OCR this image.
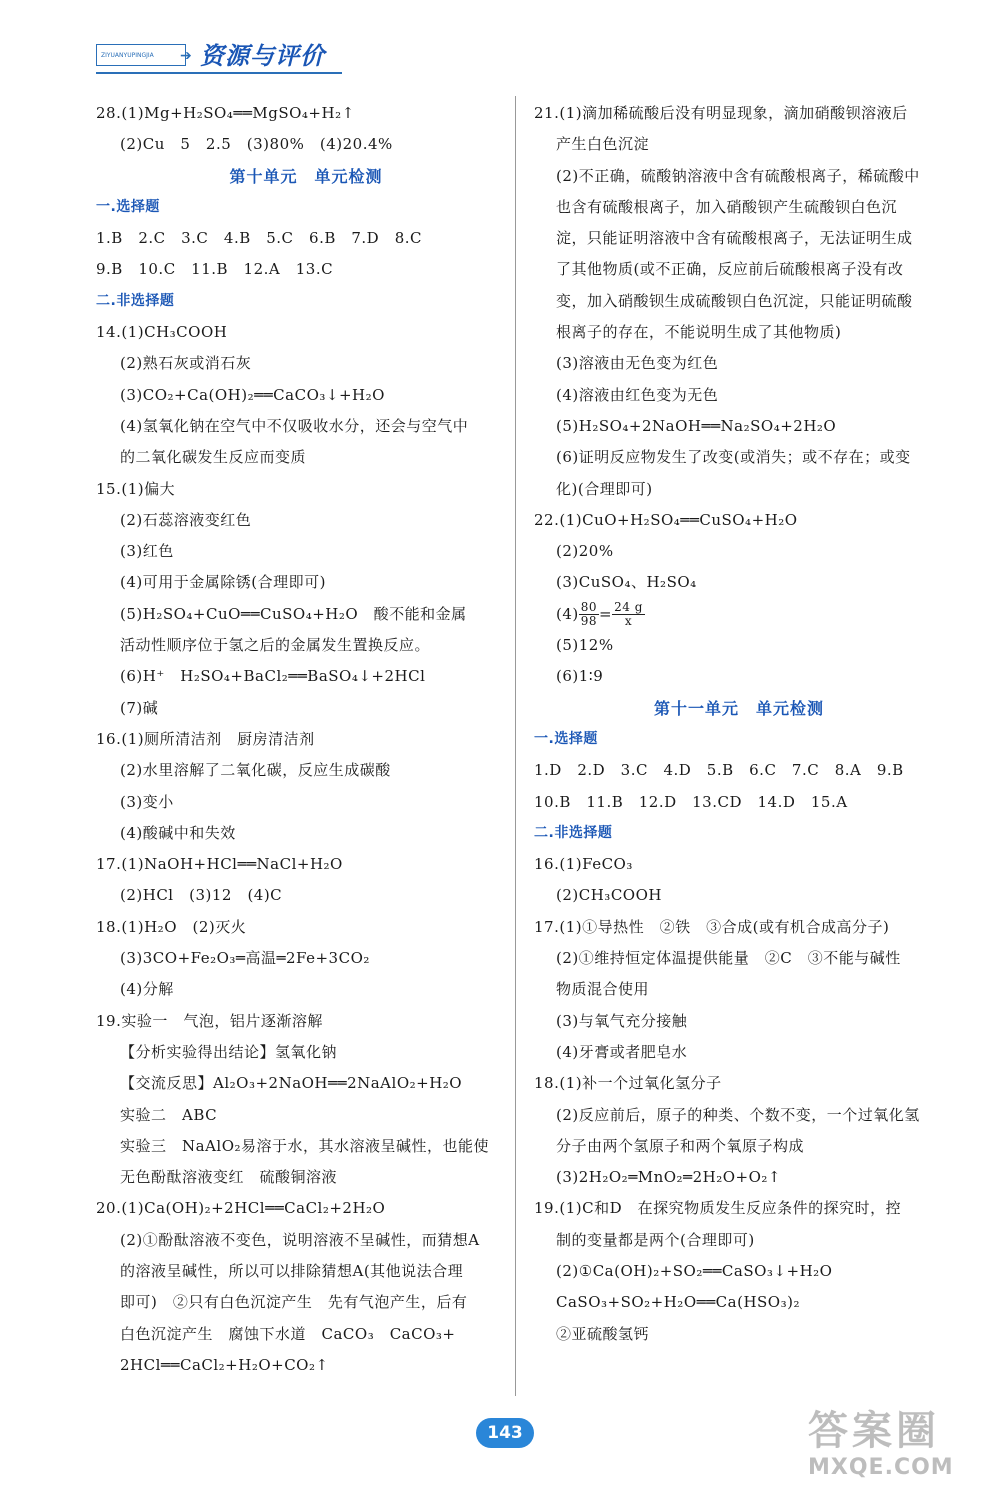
ZIYUANYUPINGJIA	➔ 资源与评价
28.(1)Mg+H₂SO₄══MgSO₄+H₂↑
(2)Cu　5　2.5　(3)80%　(4)20.4%
第十单元　单元检测
一.选择题
1.B　2.C　3.C　4.B　5.C　6.B　7.D　8.C
9.B　10.C　11.B　12.A　13.C
二.非选择题
14.(1)CH₃COOH
(2)熟石灰或消石灰
(3)CO₂+Ca(OH)₂══CaCO₃↓+H₂O
(4)氢氧化钠在空气中不仅吸收水分，还会与空气中
的二氧化碳发生反应而变质
15.(1)偏大
(2)石蕊溶液变红色
(3)红色
(4)可用于金属除锈(合理即可)
(5)H₂SO₄+CuO══CuSO₄+H₂O　酸不能和金属
活动性顺序位于氢之后的金属发生置换反应。
(6)H⁺　H₂SO₄+BaCl₂══BaSO₄↓+2HCl
(7)碱
16.(1)厕所清洁剂　厨房清洁剂
(2)水里溶解了二氧化碳，反应生成碳酸
(3)变小
(4)酸碱中和失效
17.(1)NaOH+HCl══NaCl+H₂O
(2)HCl　(3)12　(4)C
18.(1)H₂O　(2)灭火
(3)3CO+Fe₂O₃═高温═2Fe+3CO₂
(4)分解
19.实验一　气泡，铝片逐渐溶解
【分析实验得出结论】氢氧化钠
【交流反思】Al₂O₃+2NaOH══2NaAlO₂+H₂O
实验二　ABC
实验三　NaAlO₂易溶于水，其水溶液呈碱性，也能使
无色酚酞溶液变红　硫酸铜溶液
20.(1)Ca(OH)₂+2HCl══CaCl₂+2H₂O
(2)①酚酞溶液不变色，说明溶液不呈碱性，而猜想A
的溶液呈碱性，所以可以排除猜想A(其他说法合理
即可)　②只有白色沉淀产生　先有气泡产生，后有
白色沉淀产生　腐蚀下水道　CaCO₃　CaCO₃+
2HCl══CaCl₂+H₂O+CO₂↑
21.(1)滴加稀硫酸后没有明显现象，滴加硝酸钡溶液后
产生白色沉淀
(2)不正确，硫酸钠溶液中含有硫酸根离子，稀硫酸中
也含有硫酸根离子，加入硝酸钡产生硫酸钡白色沉
淀，只能证明溶液中含有硫酸根离子，无法证明生成
了其他物质(或不正确，反应前后硫酸根离子没有改
变，加入硝酸钡生成硫酸钡白色沉淀，只能证明硫酸
根离子的存在，不能说明生成了其他物质)
(3)溶液由无色变为红色
(4)溶液由红色变为无色
(5)H₂SO₄+2NaOH══Na₂SO₄+2H₂O
(6)证明反应物发生了改变(或消失；或不存在；或变
化)(合理即可)
22.(1)CuO+H₂SO₄══CuSO₄+H₂O
(2)20%
(3)CuSO₄、H₂SO₄
$(4) \frac{80}{98} = \frac{24 g}{x}$
(5)12%
(6)1∶9
第十一单元　单元检测
一.选择题
1.D　2.D　3.C　4.D　5.B　6.C　7.C　8.A　9.B
10.B　11.B　12.D　13.CD　14.D　15.A
二.非选择题
16.(1)FeCO₃
(2)CH₃COOH
17.(1)①导热性　②铁　③合成(或有机合成高分子)
(2)①维持恒定体温提供能量　②C　③不能与碱性
物质混合使用
(3)与氧气充分接触
(4)牙膏或者肥皂水
18.(1)补一个过氧化氢分子
(2)反应前后，原子的种类、个数不变，一个过氧化氢
分子由两个氢原子和两个氧原子构成
(3)2H₂O₂═MnO₂═2H₂O+O₂↑
19.(1)C和D　在探究物质发生反应条件的探究时，控
制的变量都是两个(合理即可)
(2)①Ca(OH)₂+SO₂══CaSO₃↓+H₂O
CaSO₃+SO₂+H₂O══Ca(HSO₃)₂
②亚硫酸氢钙
143	答案圈
MXQE.COM
